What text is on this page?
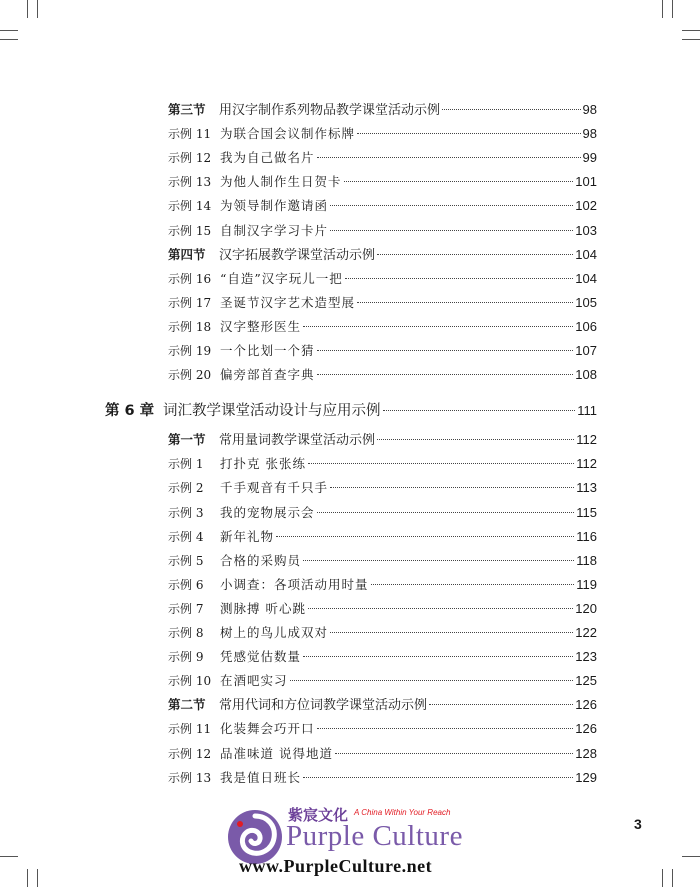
第三节	用汉字制作系列物品教学课堂活动示例	98
示例 11 为联合国会议制作标牌	98
示例 12 我为自己做名片	99
示例 13 为他人制作生日贺卡	101
示例 14 为领导制作邀请函	102
示例 15 自制汉字学习卡片	103
第四节	汉字拓展教学课堂活动示例	104
示例 16 “自造”汉字玩儿一把	104
示例 17 圣诞节汉字艺术造型展	105
示例 18 汉字整形医生	106
示例 19 一个比划一个猜	107
示例 20 偏旁部首查字典	108
第 6 章 词汇教学课堂活动设计与应用示例	111
第一节	常用量词教学课堂活动示例	112
示例 1	打扑克 张张练	112
示例 2	千手观音有千只手	113
示例 3	我的宠物展示会	115
示例 4	新年礼物	116
示例 5	合格的采购员	118
示例 6	小调查：各项活动用时量	119
示例 7	测脉搏 听心跳	120
示例 8	树上的鸟儿成双对	122
示例 9	凭感觉估数量	123
示例 10 在酒吧实习	125
第二节	常用代词和方位词教学课堂活动示例	126
示例 11 化装舞会巧开口	126
示例 12 品准味道 说得地道	128
示例 13 我是值日班长	129
3
紫宸文化 A China Within Your Reach
Purple Culture
www.PurpleCulture.net
